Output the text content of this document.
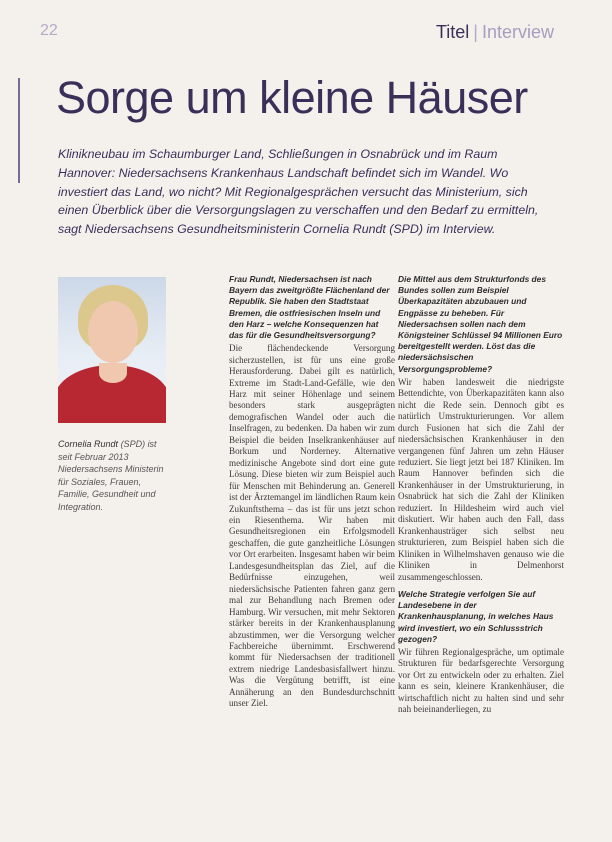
22	Titel | Interview
Sorge um kleine Häuser

Klinikneubau im Schaumburger Land, Schließungen in Osnabrück und im Raum Hannover: Niedersachsens Krankenhaus Landschaft befindet sich im Wandel. Wo investiert das Land, wo nicht? Mit Regionalgesprächen versucht das Ministerium, sich einen Überblick über die Versorgungslagen zu verschaffen und den Bedarf zu ermitteln, sagt Niedersachsens Gesundheitsministerin Cornelia Rundt (SPD) im Interview.

Cornelia Rundt (SPD) ist seit Februar 2013 Niedersachsens Ministerin für Soziales, Frauen, Familie, Gesundheit und Integration.

Frau Rundt, Niedersachsen ist nach Bayern das zweitgrößte Flächenland der Republik. Sie haben den Stadtstaat Bremen, die ostfriesischen Inseln und den Harz – welche Konsequenzen hat das für die Gesundheitsversorgung?

Die flächendeckende Versorgung sicherzustellen, ist für uns eine große Herausforderung. Dabei gilt es natürlich, Extreme im Stadt-Land-Gefälle, wie den Harz mit seiner Höhenlage und seinem besonders stark ausgeprägten demografischen Wandel oder auch die Inselfragen, zu bedenken. Da haben wir zum Beispiel die beiden Inselkrankenhäuser auf Borkum und Norderney. Alternative medizinische Angebote sind dort eine gute Lösung. Diese bieten wir zum Beispiel auch für Menschen mit Behinderung an. Generell ist der Ärztemangel im ländlichen Raum kein Zukunftsthema – das ist für uns jetzt schon ein Riesenthema. Wir haben mit Gesundheitsregionen ein Erfolgsmodell geschaffen, die gute ganzheitliche Lösungen vor Ort erarbeiten. Insgesamt haben wir beim Landesgesundheitsplan das Ziel, auf die Bedürfnisse einzugehen, weil niedersächsische Patienten fahren ganz gern mal zur Behandlung nach Bremen oder Hamburg. Wir versuchen, mit mehr Sektoren stärker bereits in der Krankenhausplanung abzustimmen, wer die Versorgung welcher Fachbereiche übernimmt. Erschwerend kommt für Niedersachsen der traditionell extrem niedrige Landesbasisfallwert hinzu. Was die Vergütung betrifft, ist eine Annäherung an den Bundesdurchschnitt unser Ziel.

Die Mittel aus dem Strukturfonds des Bundes sollen zum Beispiel Überkapazitäten abzubauen und Engpässe zu beheben. Für Niedersachsen sollen nach dem Königsteiner Schlüssel 94 Millionen Euro bereitgestellt werden. Löst das die niedersächsischen Versorgungsprobleme?

Wir haben landesweit die niedrigste Bettendichte, von Überkapazitäten kann also nicht die Rede sein. Dennoch gibt es natürlich Umstrukturierungen. Vor allem durch Fusionen hat sich die Zahl der niedersächsischen Krankenhäuser in den vergangenen fünf Jahren um zehn Häuser reduziert. Sie liegt jetzt bei 187 Kliniken. Im Raum Hannover befinden sich die Krankenhäuser in der Umstrukturierung, in Osnabrück hat sich die Zahl der Kliniken reduziert. In Hildesheim wird auch viel diskutiert. Wir haben auch den Fall, dass Krankenhausträger sich selbst neu strukturieren, zum Beispiel haben sich die Kliniken in Wilhelmshaven genauso wie die Kliniken in Delmenhorst zusammengeschlossen.

Welche Strategie verfolgen Sie auf Landesebene in der Krankenhausplanung, in welches Haus wird investiert, wo ein Schlussstrich gezogen?

Wir führen Regionalgespräche, um optimale Strukturen für bedarfsgerechte Versorgung vor Ort zu entwickeln oder zu erhalten. Ziel kann es sein, kleinere Krankenhäuser, die wirtschaftlich nicht zu halten sind und sehr nah beieinanderliegen, zu
